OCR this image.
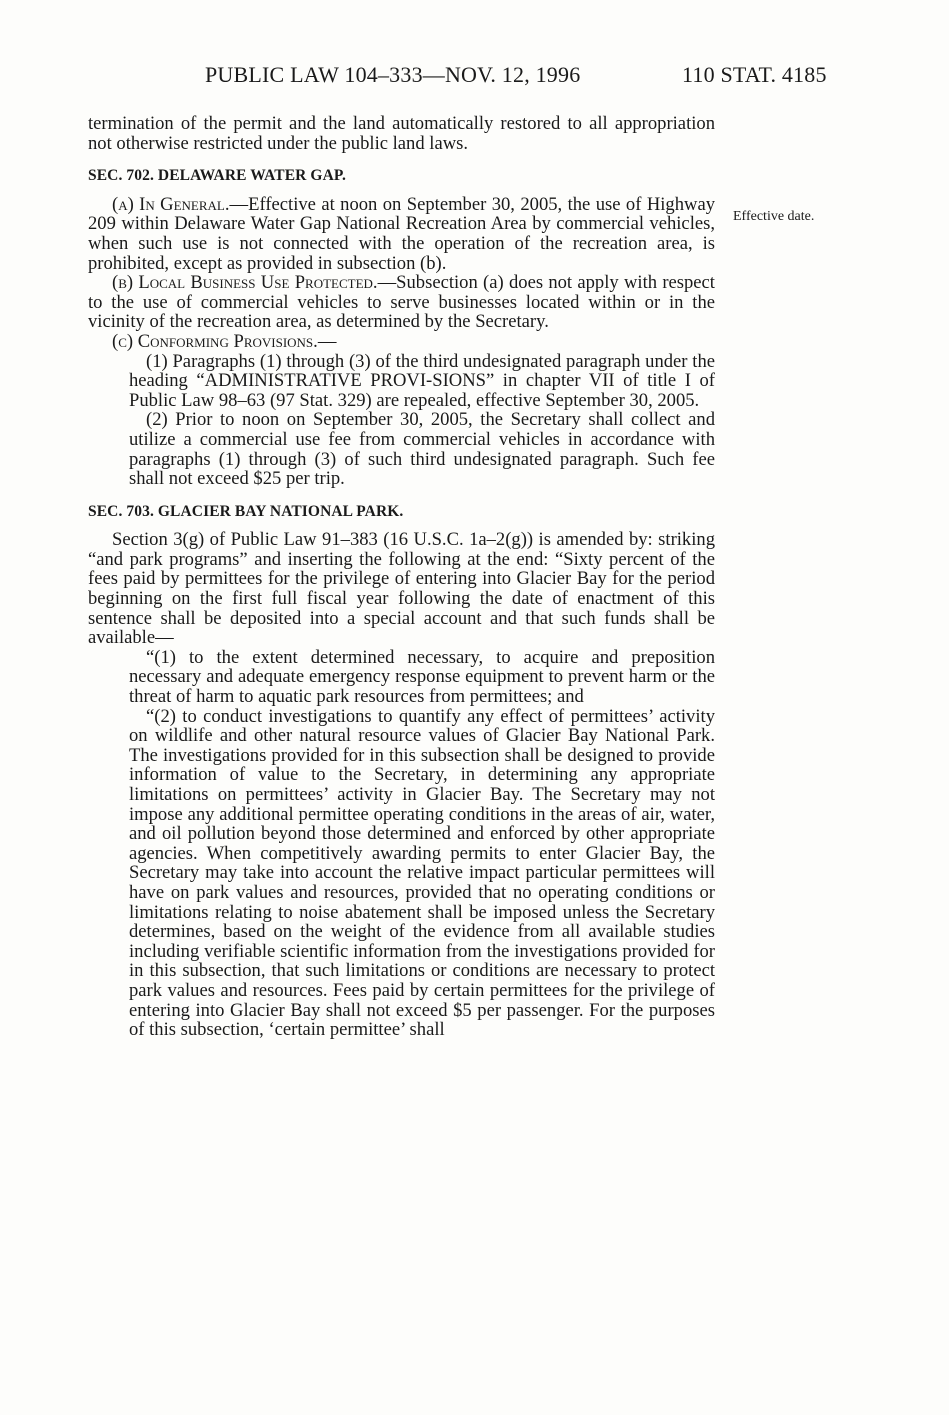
PUBLIC LAW 104–333—NOV. 12, 1996	110 STAT. 4185
Effective date.

termination of the permit and the land automatically restored to all appropriation not otherwise restricted under the public land laws.

SEC. 702. DELAWARE WATER GAP.

(a) In General.—Effective at noon on September 30, 2005, the use of Highway 209 within Delaware Water Gap National Recreation Area by commercial vehicles, when such use is not connected with the operation of the recreation area, is prohibited, except as provided in subsection (b).

(b) Local Business Use Protected.—Subsection (a) does not apply with respect to the use of commercial vehicles to serve businesses located within or in the vicinity of the recreation area, as determined by the Secretary.

(c) Conforming Provisions.—

(1) Paragraphs (1) through (3) of the third undesignated paragraph under the heading “ADMINISTRATIVE PROVI-SIONS” in chapter VII of title I of Public Law 98–63 (97 Stat. 329) are repealed, effective September 30, 2005.

(2) Prior to noon on September 30, 2005, the Secretary shall collect and utilize a commercial use fee from commercial vehicles in accordance with paragraphs (1) through (3) of such third undesignated paragraph. Such fee shall not exceed $25 per trip.

SEC. 703. GLACIER BAY NATIONAL PARK.

Section 3(g) of Public Law 91–383 (16 U.S.C. 1a–2(g)) is amended by: striking “and park programs” and inserting the following at the end: “Sixty percent of the fees paid by permittees for the privilege of entering into Glacier Bay for the period beginning on the first full fiscal year following the date of enactment of this sentence shall be deposited into a special account and that such funds shall be available—

“(1) to the extent determined necessary, to acquire and preposition necessary and adequate emergency response equipment to prevent harm or the threat of harm to aquatic park resources from permittees; and

“(2) to conduct investigations to quantify any effect of permittees’ activity on wildlife and other natural resource values of Glacier Bay National Park. The investigations provided for in this subsection shall be designed to provide information of value to the Secretary, in determining any appropriate limitations on permittees’ activity in Glacier Bay. The Secretary may not impose any additional permittee operating conditions in the areas of air, water, and oil pollution beyond those determined and enforced by other appropriate agencies. When competitively awarding permits to enter Glacier Bay, the Secretary may take into account the relative impact particular permittees will have on park values and resources, provided that no operating conditions or limitations relating to noise abatement shall be imposed unless the Secretary determines, based on the weight of the evidence from all available studies including verifiable scientific information from the investigations provided for in this subsection, that such limitations or conditions are necessary to protect park values and resources. Fees paid by certain permittees for the privilege of entering into Glacier Bay shall not exceed $5 per passenger. For the purposes of this subsection, ‘certain permittee’ shall
